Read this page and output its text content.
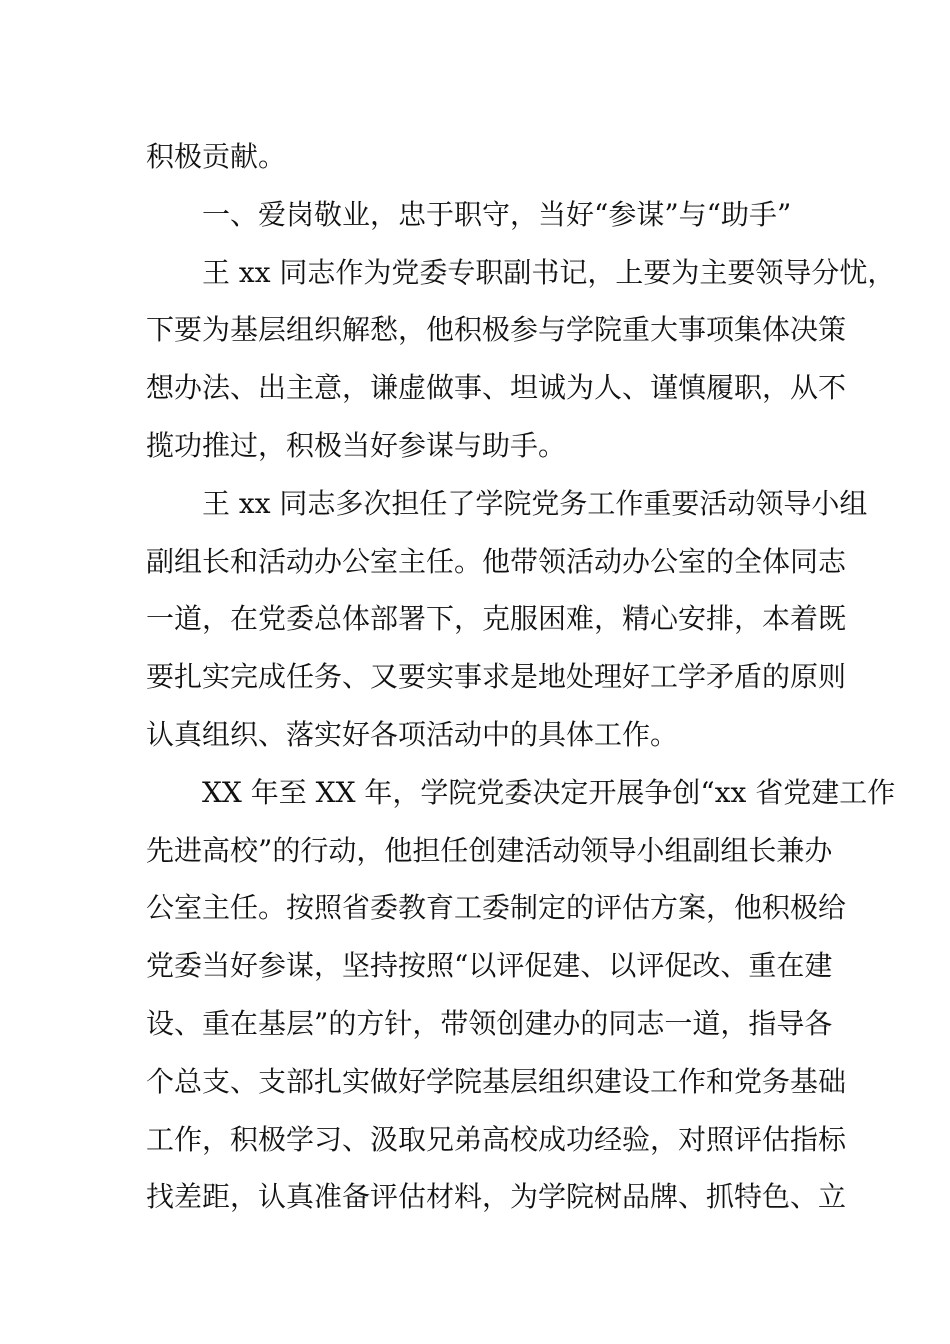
积极贡献。
一、爱岗敬业，忠于职守，当好“参谋”与“助手”
王 xx 同志作为党委专职副书记，上要为主要领导分忧，
下要为基层组织解愁，他积极参与学院重大事项集体决策
想办法、出主意，谦虚做事、坦诚为人、谨慎履职，从不
揽功推过，积极当好参谋与助手。
王 xx 同志多次担任了学院党务工作重要活动领导小组
副组长和活动办公室主任。他带领活动办公室的全体同志
一道，在党委总体部署下，克服困难，精心安排，本着既
要扎实完成任务、又要实事求是地处理好工学矛盾的原则
认真组织、落实好各项活动中的具体工作。
XX 年至 XX 年，学院党委决定开展争创“xx 省党建工作
先进高校”的行动，他担任创建活动领导小组副组长兼办
公室主任。按照省委教育工委制定的评估方案，他积极给
党委当好参谋，坚持按照“以评促建、以评促改、重在建
设、重在基层”的方针，带领创建办的同志一道，指导各
个总支、支部扎实做好学院基层组织建设工作和党务基础
工作，积极学习、汲取兄弟高校成功经验，对照评估指标
找差距，认真准备评估材料，为学院树品牌、抓特色、立
